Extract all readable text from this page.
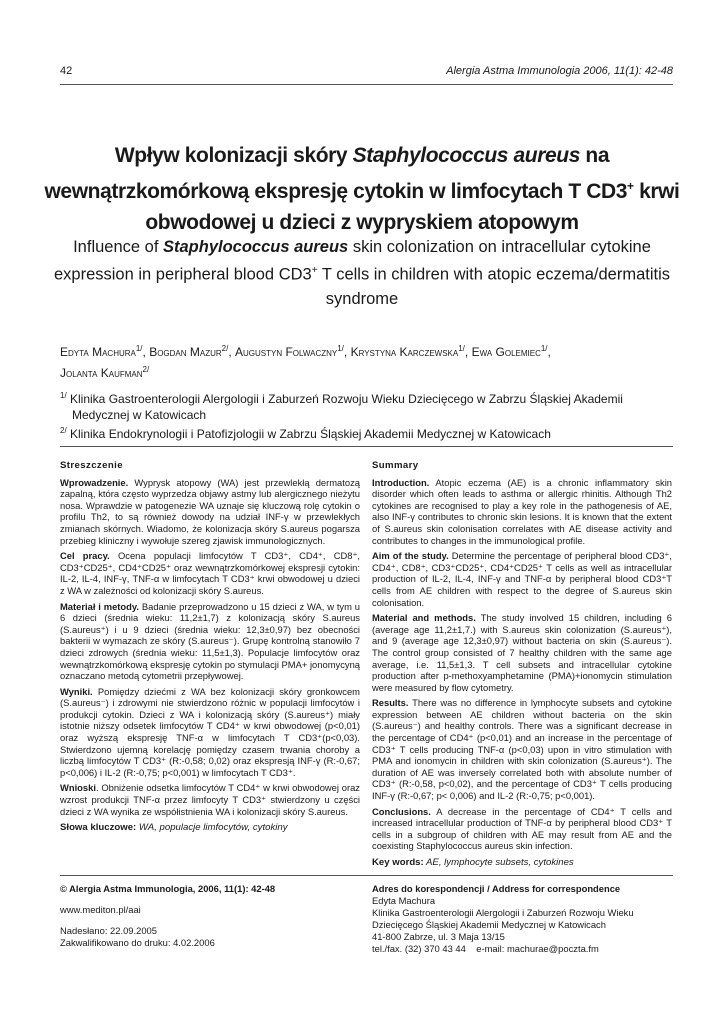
42	Alergia Astma Immunologia 2006, 11(1): 42-48
Wpływ kolonizacji skóry Staphylococcus aureus na wewnątrzkomórkową ekspresję cytokin w limfocytach T CD3+ krwi obwodowej u dzieci z wypryskiem atopowym
Influence of Staphylococcus aureus skin colonization on intracellular cytokine expression in peripheral blood CD3+ T cells in children with atopic eczema/dermatitis syndrome
Edyta Machura$^{1/}$, Bogdan Mazur$^{2/}$, Augustyn Folwaczny$^{1/}$, Krystyna Karczewska$^{1/}$, Ewa Golemiec$^{1/}$,
Jolanta Kaufman$^{2/}$
$^{1/}$ Klinika Gastroenterologii Alergologii i Zaburzeń Rozwoju Wieku Dziecięcego w Zabrzu Śląskiej Akademii
Medycznej w Katowicach
$^{2/}$ Klinika Endokrynologii i Patofizjologii w Zabrzu Śląskiej Akademii Medycznej w Katowicach
Streszczenie

Wprowadzenie. Wyprysk atopowy (WA) jest przewlekłą dermatozą zapalną, która często wyprzedza objawy astmy lub alergicznego nieżytu nosa. Wprawdzie w patogenezie WA uznaje się kluczową rolę cytokin o profilu Th2, to są również dowody na udział INF-γ w przewlekłych zmianach skórnych. Wiadomo, że kolonizacja skóry S.aureus pogarsza przebieg kliniczny i wywołuje szereg zjawisk immunologicznych.

Cel pracy. Ocena populacji limfocytów T CD3⁺, CD4⁺, CD8⁺, CD3⁺CD25⁺, CD4⁺CD25⁺ oraz wewnątrzkomórkowej ekspresji cytokin: IL-2, IL-4, INF-γ, TNF-α w limfocytach T CD3⁺ krwi obwodowej u dzieci z WA w zależności od kolonizacji skóry S.aureus.

Materiał i metody. Badanie przeprowadzono u 15 dzieci z WA, w tym u 6 dzieci (średnia wieku: 11,2±1,7) z kolonizacją skóry S.aureus (S.aureus⁺) i u 9 dzieci (średnia wieku: 12,3±0,97) bez obecności bakterii w wymazach ze skóry (S.aureus⁻). Grupę kontrolną stanowiło 7 dzieci zdrowych (średnia wieku: 11,5±1,3). Populacje limfocytów oraz wewnątrzkomórkową ekspresję cytokin po stymulacji PMA+ jonomycyną oznaczano metodą cytometrii przepływowej.

Wyniki. Pomiędzy dziećmi z WA bez kolonizacji skóry gronkowcem (S.aureus⁻) i zdrowymi nie stwierdzono różnic w populacji limfocytów i produkcji cytokin. Dzieci z WA i kolonizacją skóry (S.aureus⁺) miały istotnie niższy odsetek limfocytów T CD4⁺ w krwi obwodowej (p<0,01) oraz wyższą ekspresję TNF-α w limfocytach T CD3⁺(p<0,03). Stwierdzono ujemną korelację pomiędzy czasem trwania choroby a liczbą limfocytów T CD3⁺ (R:-0,58; 0,02) oraz ekspresją INF-γ (R:-0,67; p<0,006) i IL-2 (R:-0,75; p<0,001) w limfocytach T CD3⁺.

Wnioski. Obniżenie odsetka limfocytów T CD4⁺ w krwi obwodowej oraz wzrost produkcji TNF-α przez limfocyty T CD3⁺ stwierdzony u części dzieci z WA wynika ze współistnienia WA i kolonizacji skóry S.aureus.

Słowa kluczowe: WA, populacje limfocytów, cytokiny
Summary

Introduction. Atopic eczema (AE) is a chronic inflammatory skin disorder which often leads to asthma or allergic rhinitis. Although Th2 cytokines are recognised to play a key role in the pathogenesis of AE, also INF-γ contributes to chronic skin lesions. It is known that the extent of S.aureus skin colonisation correlates with AE disease activity and contributes to changes in the immunological profile.

Aim of the study. Determine the percentage of peripheral blood CD3⁺, CD4⁺, CD8⁺, CD3⁺CD25⁺, CD4⁺CD25⁺ T cells as well as intracellular production of IL-2, IL-4, INF-γ and TNF-α by peripheral blood CD3⁺T cells from AE children with respect to the degree of S.aureus skin colonisation.

Material and methods. The study involved 15 children, including 6 (average age 11,2±1,7.) with S.aureus skin colonization (S.aureus⁺), and 9 (average age 12,3±0,97) without bacteria on skin (S.aureus⁻). The control group consisted of 7 healthy children with the same age average, i.e. 11,5±1,3. T cell subsets and intracellular cytokine production after p-methoxyamphetamine (PMA)+ionomycin stimulation were measured by flow cytometry.

Results. There was no difference in lymphocyte subsets and cytokine expression between AE children without bacteria on the skin (S.aureus⁻) and healthy controls. There was a significant decrease in the percentage of CD4⁺ (p<0,01) and an increase in the percentage of CD3⁺ T cells producing TNF-α (p<0,03) upon in vitro stimulation with PMA and ionomycin in children with skin colonization (S.aureus⁺). The duration of AE was inversely correlated both with absolute number of CD3⁺ (R:-0,58, p<0,02), and the percentage of CD3⁺ T cells producing INF-γ (R:-0,67; p< 0,006) and IL-2 (R:-0,75; p<0,001).

Conclusions. A decrease in the percentage of CD4⁺ T cells and increased intracellular production of TNF-α by peripheral blood CD3⁺ T cells in a subgroup of children with AE may result from AE and the coexisting Staphylococcus aureus skin infection.

Key words: AE, lymphocyte subsets, cytokines
© Alergia Astma Immunologia, 2006, 11(1): 42-48
www.mediton.pl/aai
Nadesłano: 22.09.2005
Zakwalifikowano do druku: 4.02.2006
Adres do korespondencji / Address for correspondence
Edyta Machura
Klinika Gastroenterologii Alergologii i Zaburzeń Rozwoju Wieku
Dziecięcego Śląskiej Akademii Medycznej w Katowicach
41-800 Zabrze, ul. 3 Maja 13/15
tel./fax. (32) 370 43 44    e-mail: machurae@poczta.fm
